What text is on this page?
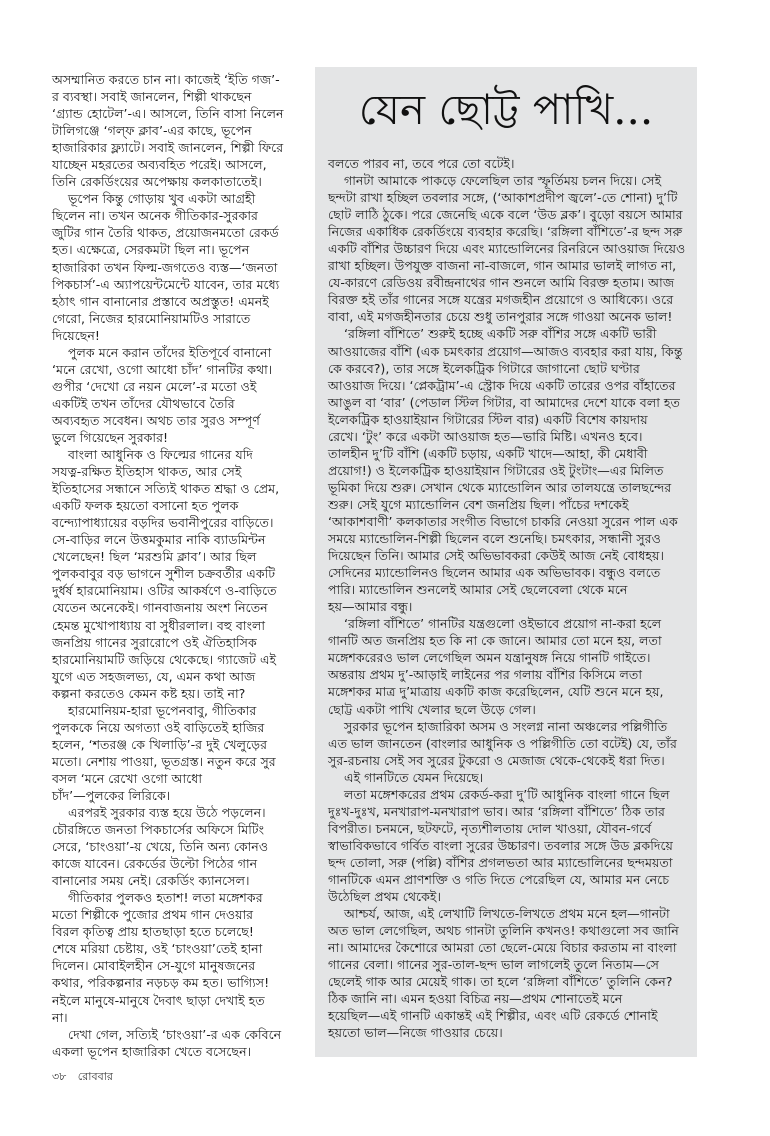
অসম্মানিত করতে চান না। কাজেই ‘ইতি গজ’-
র ব্যবস্থা। সবাই জানলেন, শিল্পী থাকছেন
‘গ্র্যান্ড হোটেল’-এ। আসলে, তিনি বাসা নিলেন
টালিগঞ্জে ‘গল্‌ফ ক্লাব’-এর কাছে, ভূপেন
হাজারিকার ফ্ল্যাটে। সবাই জানলেন, শিল্পী ফিরে
যাচ্ছেন মহরতের অব্যবহিত পরেই। আসলে,
তিনি রেকর্ডিংয়ের অপেক্ষায় কলকাতাতেই।
ভূপেন কিন্তু গোড়ায় খুব একটা আগ্রহী
ছিলেন না। তখন অনেক গীতিকার-সুরকার
জুটির গান তৈরি থাকত, প্রয়োজনমতো রেকর্ড
হত। এক্ষেত্রে, সেরকমটা ছিল না। ভূপেন
হাজারিকা তখন ফিল্ম-জগতেও ব্যস্ত—‘জনতা
পিকচার্স’-এ অ্যাপয়েন্টমেন্টে যাবেন, তার মধ্যে
হঠাৎ গান বানানোর প্রস্তাবে অপ্রস্তুত! এমনই
গেরো, নিজের হারমোনিয়ামটিও সারাতে
দিয়েছেন!
পুলক মনে করান তাঁদের ইতিপূর্বে বানানো
‘মনে রেখো, ওগো আধো চাঁদ’ গানটির কথা।
গুপীর ‘দেখো রে নয়ন মেলে’-র মতো ওই
একটিই তখন তাঁদের যৌথভাবে তৈরি
অব্যবহৃত সবেধন। অথচ তার সুরও সম্পূর্ণ
ভুলে গিয়েছেন সুরকার!
বাংলা আধুনিক ও ফিল্মের গানের যদি
সযত্ন-রক্ষিত ইতিহাস থাকত, আর সেই
ইতিহাসের সন্ধানে সত্যিই থাকত শ্রদ্ধা ও প্রেম,
একটি ফলক হয়তো বসানো হত পুলক
বন্দ্যোপাধ্যায়ের বড়দির ভবানীপুরের বাড়িতে।
সে-বাড়ির লনে উত্তমকুমার নাকি ব্যাডমিন্টন
খেলেছেন! ছিল ‘মরশুমি ক্লাব’। আর ছিল
পুলকবাবুর বড় ভাগনে সুশীল চক্রবর্তীর একটি
দুর্ধর্ষ হারমোনিয়াম। ওটির আকর্ষণে ও-বাড়িতে
যেতেন অনেকেই। গানবাজনায় অংশ নিতেন
হেমন্ত মুখোপাধ্যায় বা সুধীরলাল। বহু বাংলা
জনপ্রিয় গানের সুরারোপে ওই ঐতিহাসিক
হারমোনিয়ামটি জড়িয়ে থেকেছে। গ্যাজেট এই
যুগে এত সহজলভ্য, যে, এমন কথা আজ
কল্পনা করতেও কেমন কষ্ট হয়। তাই না?
হারমোনিয়ম-হারা ভূপেনবাবু, গীতিকার
পুলককে নিয়ে অগত্যা ওই বাড়িতেই হাজির
হলেন, ‘শতরঞ্জ কে খিলাড়ি’-র দুই খেলুড়ের
মতো। নেশায় পাওয়া, ভূতগ্রস্ত। নতুন করে সুর
বসল ‘মনে রেখো ওগো আধো
চাঁদ’—পুলকের লিরিকে।
এরপরই সুরকার ব্যস্ত হয়ে উঠে পড়লেন।
চৌরঙ্গিতে জনতা পিকচার্সের অফিসে মিটিং
সেরে, ‘চাংওয়া’-য় খেয়ে, তিনি অন্য কোনও
কাজে যাবেন। রেকর্ডের উল্টো পিঠের গান
বানানোর সময় নেই। রেকর্ডিং ক্যানসেল।
গীতিকার পুলকও হতাশ! লতা মঙ্গেশকর
মতো শিল্পীকে পুজোর প্রথম গান দেওয়ার
বিরল কৃতিত্ব প্রায় হাতছাড়া হতে চলেছে!
শেষে মরিয়া চেষ্টায়, ওই ‘চাংওয়া’তেই হানা
দিলেন। মোবাইলহীন সে-যুগে মানুষজনের
কথার, পরিকল্পনার নড়চড় কম হত। ভাগ্যিস!
নইলে মানুষে-মানুষে দৈবাৎ ছাড়া দেখাই হত
না।
দেখা গেল, সত্যিই ‘চাংওয়া’-র এক কেবিনে
একলা ভূপেন হাজারিকা খেতে বসেছেন।
যেন ছোট্ট পাখি...
বলতে পারব না, তবে পরে তো বটেই।
গানটা আমাকে পাকড়ে ফেলেছিল তার স্ফূর্তিময় চলন দিয়ে। সেই
ছন্দটা রাখা হচ্ছিল তবলার সঙ্গে, (‘আকাশপ্রদীপ জ্বলে’-তে শোনা) দু’টি
ছোট লাঠি ঠুকে। পরে জেনেছি একে বলে ‘উড ব্লক’। বুড়ো বয়সে আমার
নিজের একাধিক রেকর্ডিংয়ে ব্যবহার করেছি। ‘রঙ্গিলা বাঁশিতে’-র ছন্দ সরু
একটি বাঁশির উচ্চারণ দিয়ে এবং ম্যান্ডোলিনের রিনরিনে আওয়াজ দিয়েও
রাখা হচ্ছিল। উপযুক্ত বাজনা না-বাজলে, গান আমার ভালই লাগত না,
যে-কারণে রেডিওয় রবীন্দ্রনাথের গান শুনলে আমি বিরক্ত হতাম। আজ
বিরক্ত হই তাঁর গানের সঙ্গে যন্ত্রের মগজহীন প্রয়োগে ও আধিক্যে। ওরে
বাবা, এই মগজহীনতার চেয়ে শুধু তানপুরার সঙ্গে গাওয়া অনেক ভাল!
‘রঙ্গিলা বাঁশিতে’ শুরুই হচ্ছে একটি সরু বাঁশির সঙ্গে একটি ভারী
আওয়াজের বাঁশি (এক চমৎকার প্রয়োগ—আজও ব্যবহার করা যায়, কিন্তু
কে করবে?), তার সঙ্গে ইলেকট্রিক গিটারে জাগানো ছোট ঘণ্টার
আওয়াজ দিয়ে। ‘প্লেকট্রাম’-এ স্ট্রোক দিয়ে একটি তারের ওপর বাঁহাতের
আঙুল বা ‘বার’ (পেডাল স্টিল গিটার, বা আমাদের দেশে যাকে বলা হত
ইলেকট্রিক হাওয়াইয়ান গিটারের স্টিল বার) একটি বিশেষ কায়দায়
রেখে। ‘টুং’ করে একটা আওয়াজ হত—ভারি মিষ্টি। এখনও হবে।
তালহীন দু’টি বাঁশি (একটি চড়ায়, একটি খাদে—আহা, কী মেধাবী
প্রয়োগ!) ও ইলেকট্রিক হাওয়াইয়ান গিটারের ওই টুংটাং—এর মিলিত
ভূমিকা দিয়ে শুরু। সেখান থেকে ম্যান্ডোলিন আর তালযন্ত্রে তালছন্দের
শুরু। সেই যুগে ম্যান্ডোলিন বেশ জনপ্রিয় ছিল। পাঁচের দশকেই
‘আকাশবাণী’ কলকাতার সংগীত বিভাগে চাকরি নেওয়া সুরেন পাল এক
সময়ে ম্যান্ডোলিন-শিল্পী ছিলেন বলে শুনেছি। চমৎকার, সন্ধানী সুরও
দিয়েছেন তিনি। আমার সেই অভিভাবকরা কেউই আজ নেই বোধহয়।
সেদিনের ম্যান্ডোলিনও ছিলেন আমার এক অভিভাবক। বন্ধুও বলতে
পারি। ম্যান্ডোলিন শুনলেই আমার সেই ছেলেবেলা থেকে মনে
হয়—আমার বন্ধু।
‘রঙ্গিলা বাঁশিতে’ গানটির যন্ত্রগুলো ওইভাবে প্রয়োগ না-করা হলে
গানটি অত জনপ্রিয় হত কি না কে জানে। আমার তো মনে হয়, লতা
মঙ্গেশকরেরও ভাল লেগেছিল অমন যন্ত্রানুষঙ্গ নিয়ে গানটি গাইতে।
অন্তরায় প্রথম দু’-আড়াই লাইনের পর গলায় বাঁশির কিসিমে লতা
মঙ্গেশকর মাত্র দু’মাত্রায় একটি কাজ করেছিলেন, যেটি শুনে মনে হয়,
ছোট্ট একটা পাখি খেলার ছলে উড়ে গেল।
সুরকার ভূপেন হাজারিকা অসম ও সংলগ্ন নানা অঞ্চলের পল্লিগীতি
এত ভাল জানতেন (বাংলার আধুনিক ও পল্লিগীতি তো বটেই) যে, তাঁর
সুর-রচনায় সেই সব সুরের টুকরো ও মেজাজ থেকে-থেকেই ধরা দিত।
এই গানটিতে যেমন দিয়েছে।
লতা মঙ্গেশকরের প্রথম রেকর্ড-করা দু’টি আধুনিক বাংলা গানে ছিল
দুঃখ-দুঃখ, মনখারাপ-মনখারাপ ভাব। আর ‘রঙ্গিলা বাঁশিতে’ ঠিক তার
বিপরীত। চনমনে, ছটফটে, নৃত্যশীলতায় দোল খাওয়া, যৌবন-গর্বে
স্বাভাবিকভাবে গর্বিত বাংলা সুরের উচ্চারণ। তবলার সঙ্গে উড ব্লকদিয়ে
ছন্দ তোলা, সরু (পল্লি) বাঁশির প্রগলভতা আর ম্যান্ডোলিনের ছন্দময়তা
গানটিকে এমন প্রাণশক্তি ও গতি দিতে পেরেছিল যে, আমার মন নেচে
উঠেছিল প্রথম থেকেই।
আশ্চর্য, আজ, এই লেখাটি লিখতে-লিখতে প্রথম মনে হল—গানটা
অত ভাল লেগেছিল, অথচ গানটা তুলিনি কখনও! কথাগুলো সব জানি
না। আমাদের কৈশোরে আমরা তো ছেলে-মেয়ে বিচার করতাম না বাংলা
গানের বেলা। গানের সুর-তাল-ছন্দ ভাল লাগলেই তুলে নিতাম—সে
ছেলেই গাক আর মেয়েই গাক। তা হলে ‘রঙ্গিলা বাঁশিতে’ তুলিনি কেন?
ঠিক জানি না। এমন হওয়া বিচিত্র নয়—প্রথম শোনাতেই মনে
হয়েছিল—এই গানটি একান্তই এই শিল্পীর, এবং এটি রেকর্ডে শোনাই
হয়তো ভাল—নিজে গাওয়ার চেয়ে।
৩৮ রোববার
